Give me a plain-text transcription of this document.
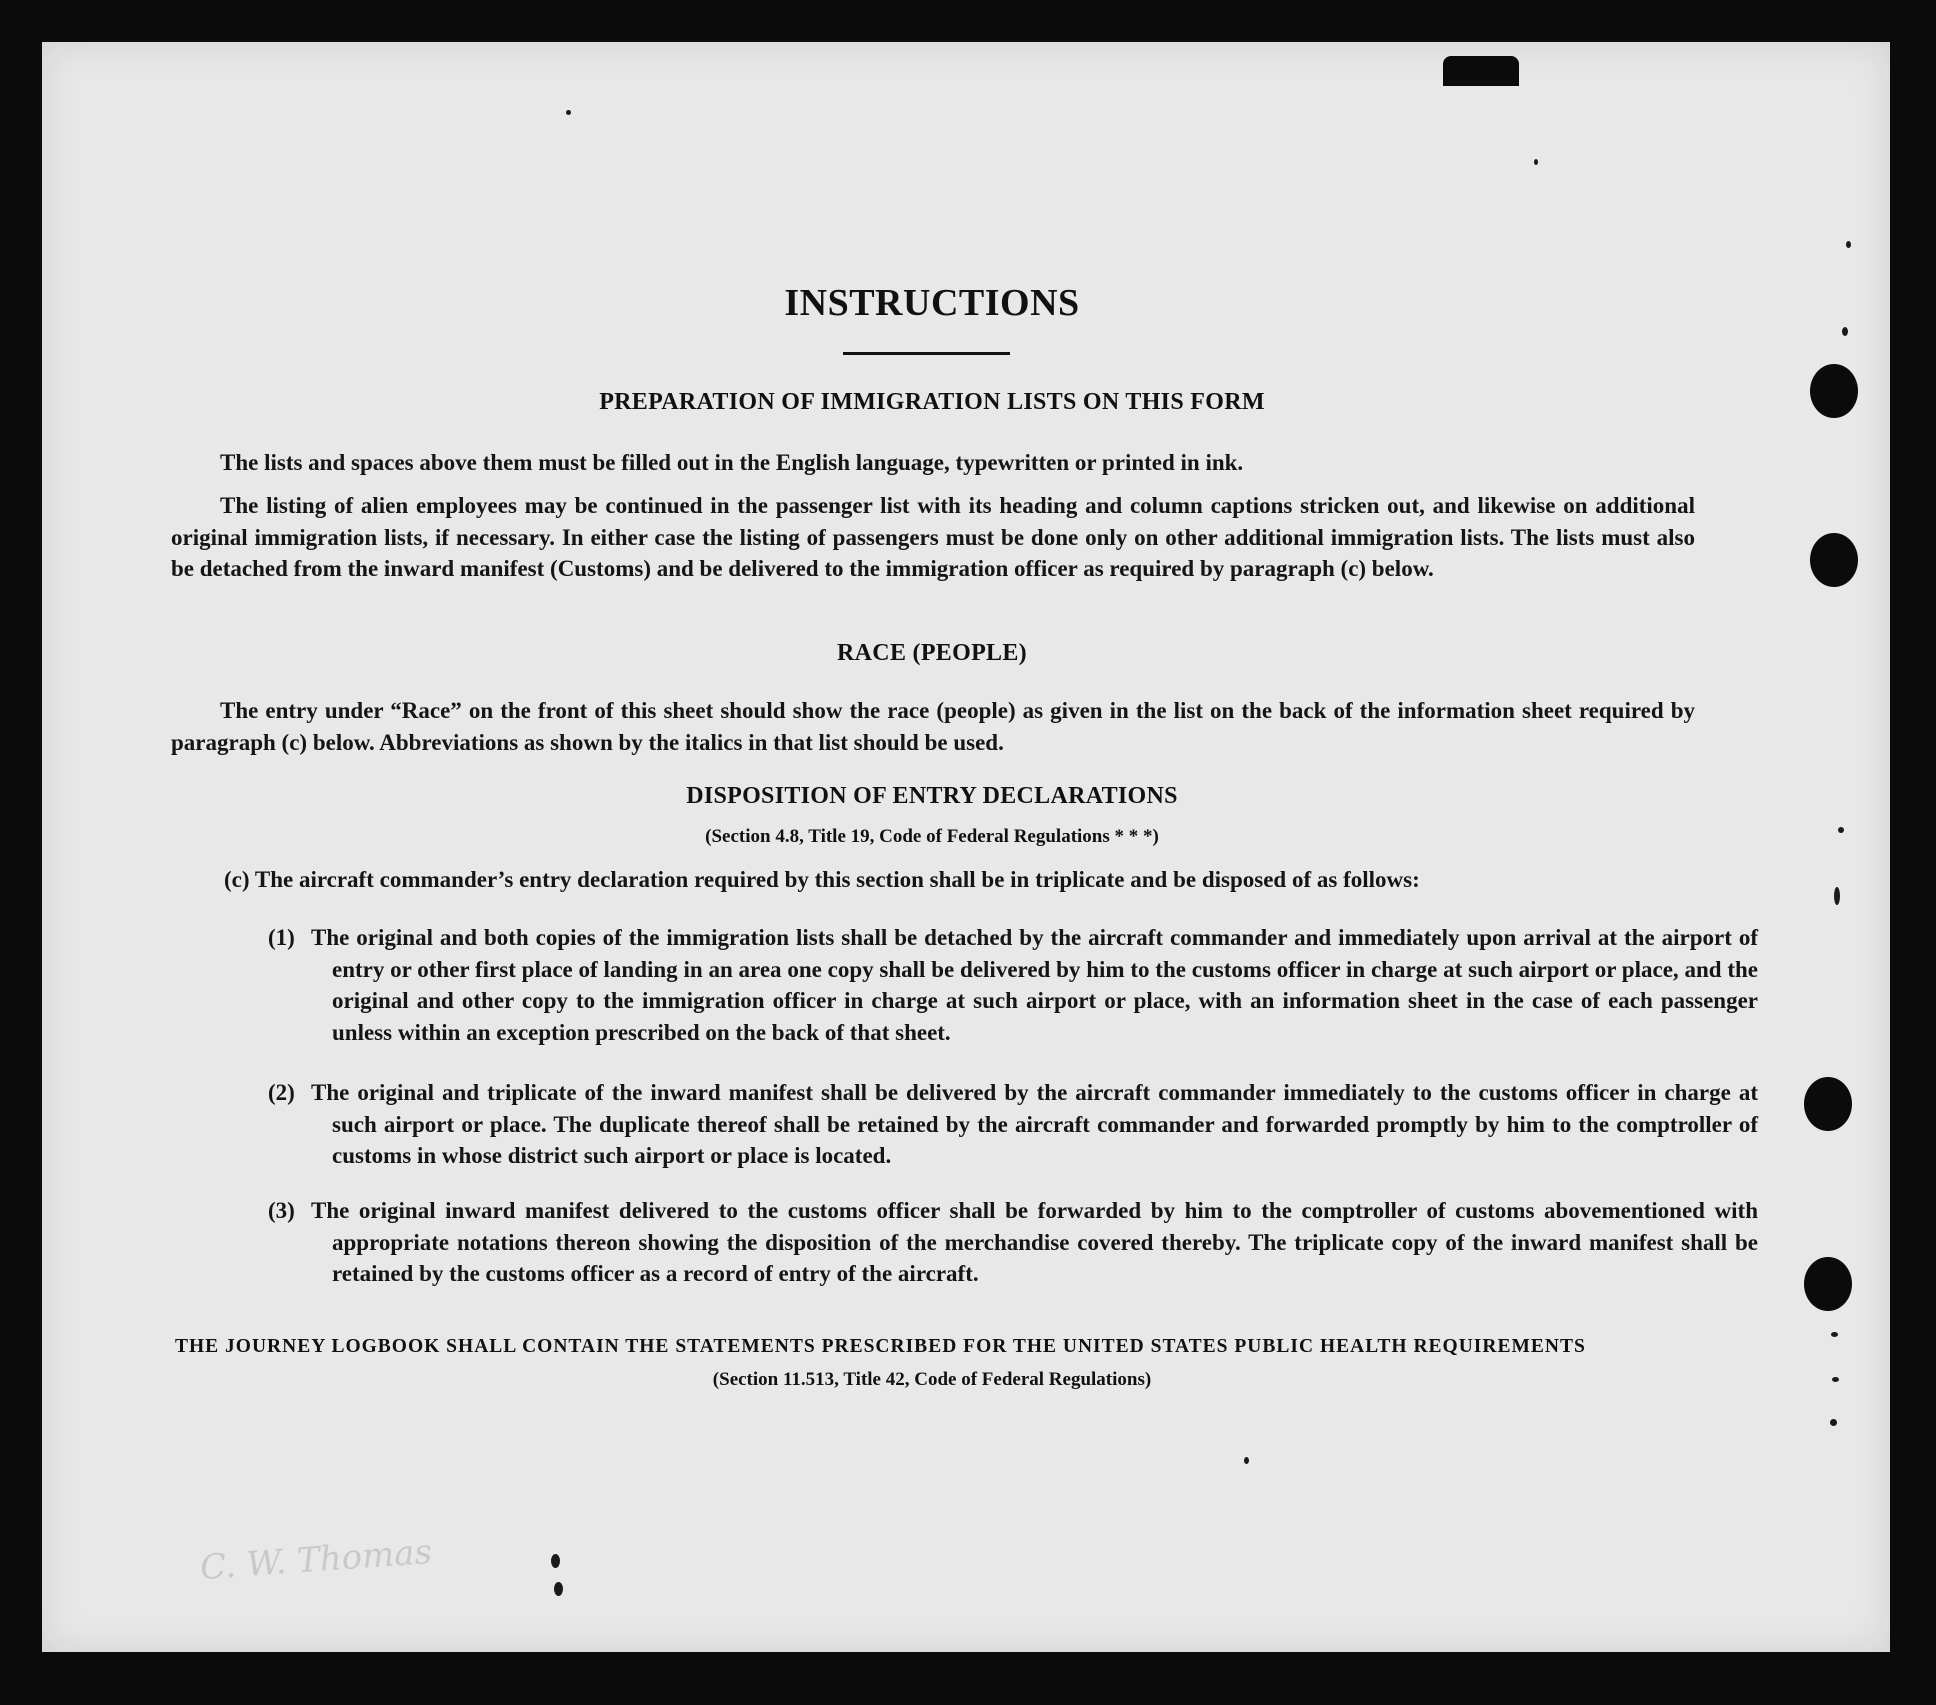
INSTRUCTIONS
PREPARATION OF IMMIGRATION LISTS ON THIS FORM

The lists and spaces above them must be filled out in the English language, typewritten or printed in ink.

The listing of alien employees may be continued in the passenger list with its heading and column captions stricken out, and likewise on additional original immigration lists, if necessary. In either case the listing of passengers must be done only on other additional immigration lists. The lists must also be detached from the inward manifest (Customs) and be delivered to the immigration officer as required by paragraph (c) below.

RACE (PEOPLE)

The entry under “Race” on the front of this sheet should show the race (people) as given in the list on the back of the information sheet required by paragraph (c) below. Abbreviations as shown by the italics in that list should be used.

DISPOSITION OF ENTRY DECLARATIONS
(Section 4.8, Title 19, Code of Federal Regulations * * *)

(c) The aircraft commander’s entry declaration required by this section shall be in triplicate and be disposed of as follows:

(1) The original and both copies of the immigration lists shall be detached by the aircraft commander and immediately upon arrival at the airport of entry or other first place of landing in an area one copy shall be delivered by him to the customs officer in charge at such airport or place, and the original and other copy to the immigration officer in charge at such airport or place, with an information sheet in the case of each passenger unless within an exception prescribed on the back of that sheet.
(2) The original and triplicate of the inward manifest shall be delivered by the aircraft commander immediately to the customs officer in charge at such airport or place. The duplicate thereof shall be retained by the aircraft commander and forwarded promptly by him to the comptroller of customs in whose district such airport or place is located.
(3) The original inward manifest delivered to the customs officer shall be forwarded by him to the comptroller of customs abovementioned with appropriate notations thereon showing the disposition of the merchandise covered thereby. The triplicate copy of the inward manifest shall be retained by the customs officer as a record of entry of the aircraft.
THE JOURNEY LOGBOOK SHALL CONTAIN THE STATEMENTS PRESCRIBED FOR THE UNITED STATES PUBLIC HEALTH REQUIREMENTS
(Section 11.513, Title 42, Code of Federal Regulations)
C. W. Thomas
